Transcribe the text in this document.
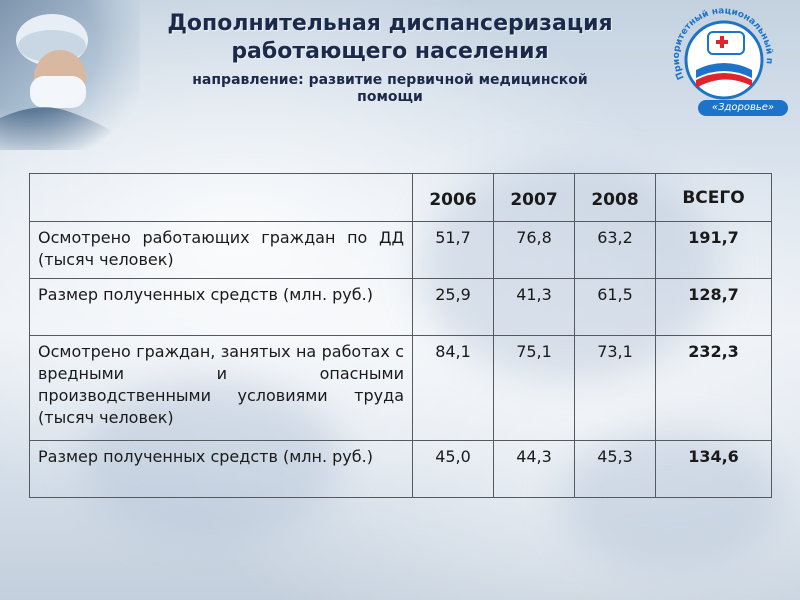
Дополнительная диспансеризация
работающего населения
направление: развитие первичной медицинской
помощи
Приоритетный национальный п
«Здоровье»
	2006	2007	2008	ВСЕГО
Осмотрено работающих граждан по ДД (тысяч человек)	51,7	76,8	63,2	191,7
Размер полученных средств (млн. руб.)	25,9	41,3	61,5	128,7
Осмотрено граждан, занятых на работах с вредными и опасными производственными условиями труда (тысяч человек)	84,1	75,1	73,1	232,3
Размер полученных средств (млн. руб.)	45,0	44,3	45,3	134,6
